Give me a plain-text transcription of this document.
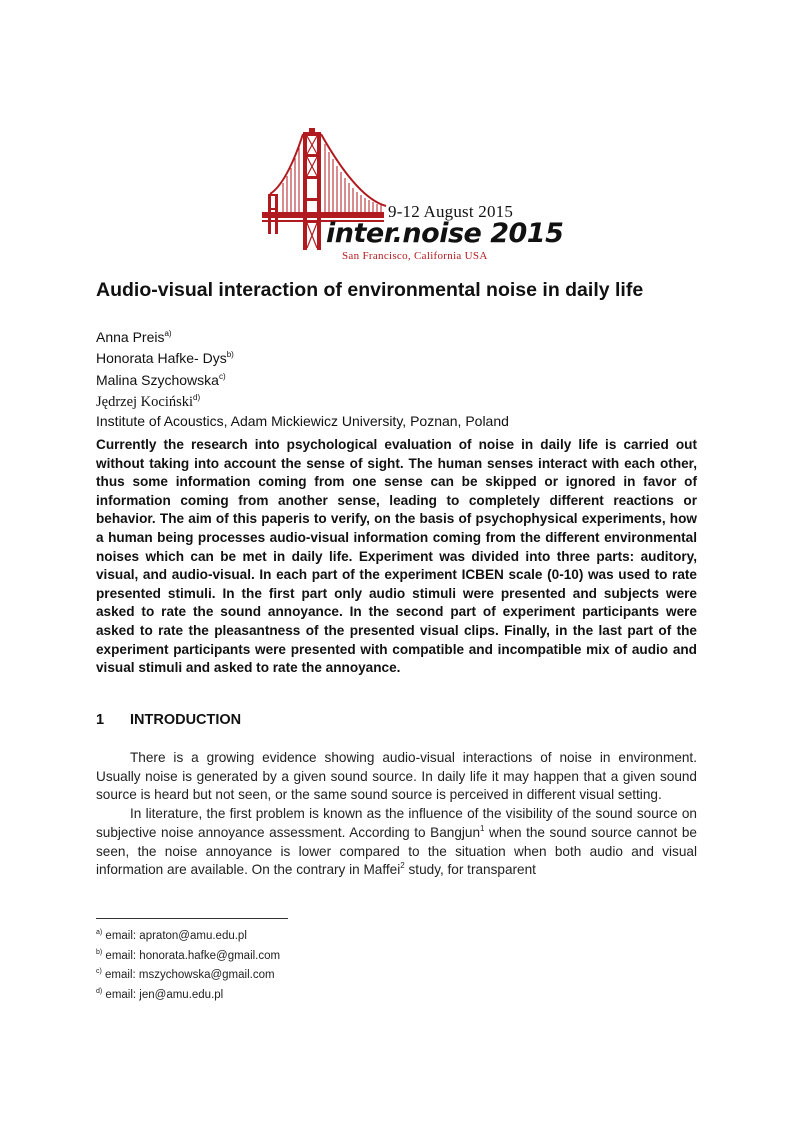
9-12 August 2015
inter.noise 2015
San Francisco, California USA
Audio-visual interaction of environmental noise in daily life
Anna Preis$^{a)}$
Honorata Hafke- Dys$^{b)}$
Malina Szychowska$^{c)}$
Jędrzej Kociński$^{d)}$
Institute of Acoustics, Adam Mickiewicz University, Poznan, Poland

Currently the research into psychological evaluation of noise in daily life is carried out without taking into account the sense of sight. The human senses interact with each other, thus some information coming from one sense can be skipped or ignored in favor of information coming from another sense, leading to completely different reactions or behavior. The aim of this paperis to verify, on the basis of psychophysical experiments, how a human being processes audio-visual information coming from the different environmental noises which can be met in daily life. Experiment was divided into three parts: auditory, visual, and audio-visual. In each part of the experiment ICBEN scale (0-10) was used to rate presented stimuli. In the first part only audio stimuli were presented and subjects were asked to rate the sound annoyance. In the second part of experiment participants were asked to rate the pleasantness of the presented visual clips. Finally, in the last part of the experiment participants were presented with compatible and incompatible mix of audio and visual stimuli and asked to rate the annoyance.

1 INTRODUCTION

There is a growing evidence showing audio-visual interactions of noise in environment. Usually noise is generated by a given sound source. In daily life it may happen that a given sound source is heard but not seen, or the same sound source is perceived in different visual setting.

In literature, the first problem is known as the influence of the visibility of the sound source on subjective noise annoyance assessment. According to Bangjun$^1$ when the sound source cannot be seen, the noise annoyance is lower compared to the situation when both audio and visual information are available. On the contrary in Maffei$^2$ study, for transparent

$^{a)}$ email: apraton@amu.edu.pl
$^{b)}$ email: honorata.hafke@gmail.com
$^{c)}$ email: mszychowska@gmail.com
$^{d)}$ email: jen@amu.edu.pl
